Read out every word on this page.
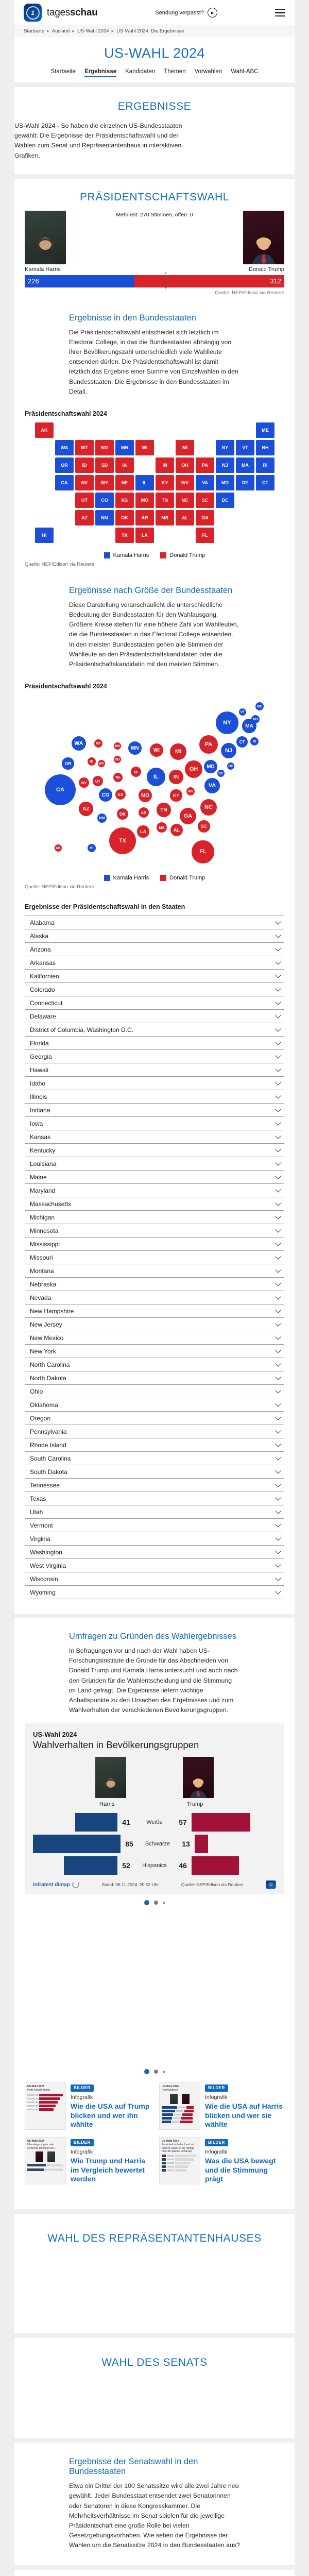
1	tagesschau	Sendung verpasst?	▶
Startseite ▸ Ausland ▸ US-Wahl 2024 ▸ US-Wahl 2024: Die Ergebnisse
US-WAHL 2024
Startseite Ergebnisse Kandidaten Themen Vorwahlen Wahl-ABC
ERGEBNISSE

US-Wahl 2024 - So haben die einzelnen US-Bundesstaaten gewählt: Die Ergebnisse der Präsidentschaftswahl und der Wahlen zum Senat und Repräsentantenhaus in interaktiven Grafiken.

PRÄSIDENTSCHAFTSWAHL
Mehrheit: 270 Stimmen, offen: 0
Kamala Harris	Donald Trump
226	312
Quelle: NEP/Edison via Reuters
Ergebnisse in den Bundesstaaten

Die Präsidentschaftswahl entscheidet sich letztlich im Electoral College, in das die Bundesstaaten abhängig von ihrer Bevölkerungszahl unterschiedlich viele Wahlleute entsenden dürfen. Die Präsidentschaftswahl ist damit letztlich das Ergebnis einer Summe von Einzelwahlen in den Bundesstaaten. Die Ergebnisse in den Bundesstaaten im Detail.

Präsidentschaftswahl 2024
AL
AK
AZ	AR
CA
CO
CT
DE
DC
FL
GA
HI
ID
IL
IN
IA
KS
KY
LA
ME
MD
MA
MI
MN
MS
MO
MT
NE
NV
NH
NJ
NM
NY
NC
ND
OH
OK
OR	PA	RI
SC
SD
TN
TX
UT
VT
VA
WA
WV
WI
WY
Kamala Harris	Donald Trump
Quelle: NEP/Edison via Reuters
Ergebnisse nach Größe der Bundesstaaten

Diese Darstellung veranschaulicht die unterschiedliche Bedeutung der Bundesstaaten für den Wahlausgang. Größere Kreise stehen für eine höhere Zahl von Wahlleuten, die die Bundesstaaten in das Electoral College entsenden. In den meisten Bundesstaaten gehen alle Stimmen der Wahlleute an den Präsidentschaftskandidaten oder die Präsidentschaftskandidatin mit den meisten Stimmen.

Präsidentschaftswahl 2024
AL
AK
AZ
AR
CA
CO
CT
DE
DC
FL
GA
HI
ID
IL	IN
IA
KS	KY
LA
ME
MD
MA
MI
MN
MS
MO
MT
NE
NV
NH
NJ
NM
NY
NC
ND
OH
OK
OR
PA	RI
SC
SD
TN
TX
UT
VT
VA
WA
WV
WI
WY
Kamala Harris	Donald Trump
Quelle: NEP/Edison via Reuters
Ergebnisse der Präsidentschaftswahl in den Staaten
Alabama
Alaska
Arizona
Arkansas
Kalifornien
Colorado
Connecticut
Delaware
District of Columbia, Washington D.C.
Florida
Georgia
Hawaii
Idaho
Illinois
Indiana
Iowa
Kansas
Kentucky
Louisiana
Maine
Maryland
Massachusetts
Michigan
Minnesota
Mississippi
Missouri
Montana
Nebraska
Nevada
New Hampshire
New Jersey
New Mexico
New York
North Carolina
North Dakota
Ohio
Oklahoma
Oregon
Pennsylvania
Rhode Island
South Carolina
South Dakota
Tennessee
Texas
Utah
Vermont
Virginia
Washington
West Virginia
Wisconsin
Wyoming
Umfragen zu Gründen des Wahlergebnisses

In Befragungen vor und nach der Wahl haben US-Forschungsinstitute die Gründe für das Abschneiden von Donald Trump und Kamala Harris untersucht und auch nach den Gründen für die Wahlentscheidung und die Stimmung im Land gefragt. Die Ergebnisse liefern wichtige Anhaltspunkte zu den Ursachen des Ergebnisses und zum Wahlverhalten der verschiedenen Bevölkerungsgruppen.

US-Wahl 2024

Wahlverhalten in Bevölkerungsgruppen
Harris	Trump
41	Weiße	57
85	Schwarze	13
52	Hispanics	46
infratest dimap	Stand: 06.11.2024, 20:52 Uhr	Quelle: NEP/Edison via Reuters	①

US-Wahl 2024

Profil Donald Trump	BILDER
Infografik

Wie die USA auf Trump blicken und wer ihn wählte

US-Wahl 2024

Profilvergleich	BILDER
Infografik

Wie die USA auf Harris blicken und wer sie wählte

US-Wahl 2024

Überwiegend gute oder schlechte Meinung von...

BILDER
Infografik

Wie Trump und Harris im Vergleich bewertet werden

US-Wahl 2024

Entwickelt sich das Land auf diesem Gebiet in die richtige oder die falsche Richtung?

BILDER
Infografik

Was die USA bewegt und die Stimmung prägt

WAHL DES REPRÄSENTANTENHAUSES
WAHL DES SENATS
Ergebnisse der Senatswahl in den Bundesstaaten

Etwa ein Drittel der 100 Senatssitze wird alle zwei Jahre neu gewählt. Jeder Bundesstaat entsendet zwei Senatorinnen oder Senatoren in diese Kongresskammer. Die Mehrheitsverhältnisse im Senat spielen für die jeweilige Präsidentschaft eine große Rolle bei vielen Gesetzgebungsvorhaben. Wie sehen die Ergebnisse der Wahlen um die Senatssitze 2024 in den Bundesstaaten aus?
